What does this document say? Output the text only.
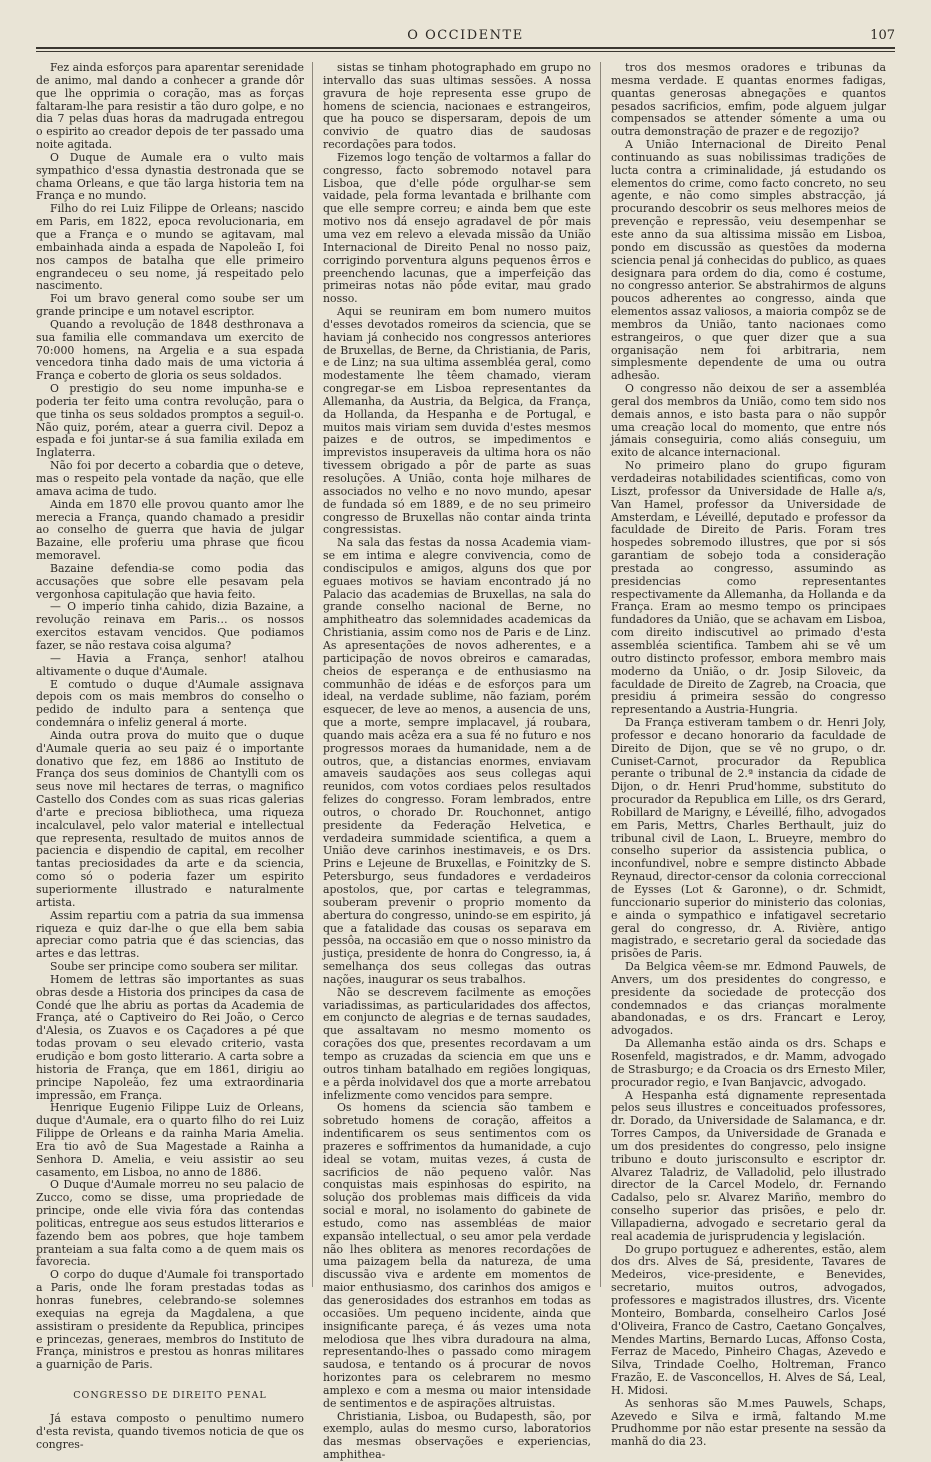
O OCCIDENTE	107

Fez ainda esforços para aparentar serenidade de animo, mal dando a conhecer a grande dôr que lhe opprimia o coração, mas as forças faltaram-lhe para resistir a tão duro golpe, e no dia 7 pelas duas horas da madrugada entregou o espirito ao creador depois de ter passado uma noite agitada.

O Duque de Aumale era o vulto mais sympathico d'essa dynastia destronada que se chama Orleans, e que tão larga historia tem na França e no mundo.

Filho do rei Luiz Filippe de Orleans; nascido em Paris, em 1822, epoca revolucionaria, em que a França e o mundo se agitavam, mal embainhada ainda a espada de Napoleão I, foi nos campos de batalha que elle primeiro engrandeceu o seu nome, já respeitado pelo nascimento.

Foi um bravo general como soube ser um grande principe e um notavel escriptor.

Quando a revolução de 1848 desthronava a sua familia elle commandava um exercito de 70:000 homens, na Argelia e a sua espada vencedora tinha dado mais de uma victoria á França e coberto de gloria os seus soldados.

O prestigio do seu nome impunha-se e poderia ter feito uma contra revolução, para o que tinha os seus soldados promptos a seguil-o. Não quiz, porém, atear a guerra civil. Depoz a espada e foi juntar-se á sua familia exilada em Inglaterra.

Não foi por decerto a cobardia que o deteve, mas o respeito pela vontade da nação, que elle amava acima de tudo.

Ainda em 1870 elle provou quanto amor lhe merecia a França, quando chamado a presidir ao conselho de guerra que havia de julgar Bazaine, elle proferiu uma phrase que ficou memoravel.

Bazaine defendia-se como podia das accusações que sobre elle pesavam pela vergonhosa capitulação que havia feito.

— O imperio tinha cahido, dizia Bazaine, a revolução reinava em Paris… os nossos exercitos estavam vencidos. Que podiamos fazer, se não restava coisa alguma?

— Havia a França, senhor! atalhou altivamente o duque d'Aumale.

E comtudo o duque d'Aumale assignava depois com os mais membros do conselho o pedido de indulto para a sentença que condemnára o infeliz general á morte.

Ainda outra prova do muito que o duque d'Aumale queria ao seu paiz é o importante donativo que fez, em 1886 ao Instituto de França dos seus dominios de Chantylli com os seus nove mil hectares de terras, o magnifico Castello dos Condes com as suas ricas galerias d'arte e preciosa bibliotheca, uma riqueza incalculavel, pelo valor material e intellectual que representa, resultado de muitos annos de paciencia e dispendio de capital, em recolher tantas preciosidades da arte e da sciencia, como só o poderia fazer um espirito superiormente illustrado e naturalmente artista.

Assim repartiu com a patria da sua immensa riqueza e quiz dar-lhe o que ella bem sabia apreciar como patria que é das sciencias, das artes e das lettras.

Soube ser principe como soubera ser militar.

Homem de lettras são importantes as suas obras desde a Historia dos principes da casa de Condé que lhe abriu as portas da Academia de França, até o Captiveiro do Rei João, o Cerco d'Alesia, os Zuavos e os Caçadores a pé que todas provam o seu elevado criterio, vasta erudição e bom gosto litterario. A carta sobre a historia de França, que em 1861, dirigiu ao principe Napoleão, fez uma extraordinaria impressão, em França.

Henrique Eugenio Filippe Luiz de Orleans, duque d'Aumale, era o quarto filho do rei Luiz Filippe de Orleans e da rainha Maria Amelia. Era tio avô de Sua Magestade a Rainha a Senhora D. Amelia, e veiu assistir ao seu casamento, em Lisboa, no anno de 1886.

O Duque d'Aumale morreu no seu palacio de Zucco, como se disse, uma propriedade de principe, onde elle vivia fóra das contendas politicas, entregue aos seus estudos litterarios e fazendo bem aos pobres, que hoje tambem pranteiam a sua falta como a de quem mais os favorecia.

O corpo do duque d'Aumale foi transportado a Paris, onde lhe foram prestadas todas as honras funebres, celebrando-se solemnes exequias na egreja da Magdalena, a que assistiram o presidente da Republica, principes e princezas, generaes, membros do Instituto de França, ministros e prestou as honras militares a guarnição de Paris.

CONGRESSO DE DIREITO PENAL

Já estava composto o penultimo numero d'esta revista, quando tivemos noticia de que os congres-

sistas se tinham photographado em grupo no intervallo das suas ultimas sessões. A nossa gravura de hoje representa esse grupo de homens de sciencia, nacionaes e estrangeiros, que ha pouco se dispersaram, depois de um convivio de quatro dias de saudosas recordações para todos.

Fizemos logo tenção de voltarmos a fallar do congresso, facto sobremodo notavel para Lisboa, que d'elle póde orgulhar-se sem vaidade, pela forma levantada e brilhante com que elle sempre correu; e ainda bem que este motivo nos dá ensejo agradavel de pôr mais uma vez em relevo a elevada missão da União Internacional de Direito Penal no nosso paiz, corrigindo porventura alguns pequenos êrros e preenchendo lacunas, que a imperfeição das primeiras notas não pôde evitar, mau grado nosso.

Aqui se reuniram em bom numero muitos d'esses devotados romeiros da sciencia, que se haviam já conhecido nos congressos anteriores de Bruxellas, de Berne, da Christiania, de Paris, e de Linz; na sua ultima assembléa geral, como modestamente lhe têem chamado, vieram congregar-se em Lisboa representantes da Allemanha, da Austria, da Belgica, da França, da Hollanda, da Hespanha e de Portugal, e muitos mais viriam sem duvida d'estes mesmos paizes e de outros, se impedimentos e imprevistos insuperaveis da ultima hora os não tivessem obrigado a pôr de parte as suas resoluções. A União, conta hoje milhares de associados no velho e no novo mundo, apesar de fundada só em 1889, e de no seu primeiro congresso de Bruxellas não contar ainda trinta congressistas.

Na sala das festas da nossa Academia viam-se em intima e alegre convivencia, como de condiscipulos e amigos, alguns dos que por eguaes motivos se haviam encontrado já no Palacio das academias de Bruxellas, na sala do grande conselho nacional de Berne, no amphitheatro das solemnidades academicas da Christiania, assim como nos de Paris e de Linz. As apresentações de novos adherentes, e a participação de novos obreiros e camaradas, cheios de esperança e de enthusiasmo na communhão de idéas e de esforços para um ideal, na verdade sublime, não faziam, porém esquecer, de leve ao menos, a ausencia de uns, que a morte, sempre implacavel, já roubara, quando mais acêza era a sua fé no futuro e nos progressos moraes da humanidade, nem a de outros, que, a distancias enormes, enviavam amaveis saudações aos seus collegas aqui reunidos, com votos cordiaes pelos resultados felizes do congresso. Foram lembrados, entre outros, o chorado Dr. Rouchonnet, antigo presidente da Federação Helvetica, e verdadeira summidade scientifica, a quem a União deve carinhos inestimaveis, e os Drs. Prins e Lejeune de Bruxellas, e Foinitzky de S. Petersburgo, seus fundadores e verdadeiros apostolos, que, por cartas e telegrammas, souberam prevenir o proprio momento da abertura do congresso, unindo-se em espirito, já que a fatalidade das cousas os separava em pessôa, na occasião em que o nosso ministro da justiça, presidente de honra do Congresso, ia, á semelhança dos seus collegas das outras nações, inaugurar os seus trabalhos.

Não se descrevem facilmente as emoções variadissimas, as particularidades dos affectos, em conjuncto de alegrias e de ternas saudades, que assaltavam no mesmo momento os corações dos que, presentes recordavam a um tempo as cruzadas da sciencia em que uns e outros tinham batalhado em regiões longiquas, e a pêrda inolvidavel dos que a morte arrebatou infelizmente como vencidos para sempre.

Os homens da sciencia são tambem e sobretudo homens de coração, affeitos a indentificarem os seus sentimentos com os prazeres e soffrimentos da humanidade, a cujo ideal se votam, muitas vezes, á custa de sacrificios de não pequeno valôr. Nas conquistas mais espinhosas do espirito, na solução dos problemas mais difficeis da vida social e moral, no isolamento do gabinete de estudo, como nas assembléas de maior expansão intellectual, o seu amor pela verdade não lhes oblitera as menores recordações de uma paizagem bella da natureza, de uma discussão viva e ardente em momentos de maior enthusiasmo, dos carinhos dos amigos e das generosidades dos estranhos em todas as occasiões. Um pequeno incidente, ainda que insignificante pareça, é ás vezes uma nota melodiosa que lhes vibra duradoura na alma, representando-lhes o passado como miragem saudosa, e tentando os á procurar de novos horizontes para os celebrarem no mesmo amplexo e com a mesma ou maior intensidade de sentimentos e de aspirações altruistas.

Christiania, Lisboa, ou Budapesth, são, por exemplo, aulas do mesmo curso, laboratorios das mesmas observações e experiencias, amphithea-

tros dos mesmos oradores e tribunas da mesma verdade. E quantas enormes fadigas, quantas generosas abnegações e quantos pesados sacrificios, emfim, pode alguem julgar compensados se attender sómente a uma ou outra demonstração de prazer e de regozijo?

A União Internacional de Direito Penal continuando as suas nobilissimas tradições de lucta contra a criminalidade, já estudando os elementos do crime, como facto concreto, no seu agente, e não como simples abstracção, já procurando descobrir os seus melhores meios de prevenção e repressão, veiu desempenhar se este anno da sua altissima missão em Lisboa, pondo em discussão as questões da moderna sciencia penal já conhecidas do publico, as quaes designara para ordem do dia, como é costume, no congresso anterior. Se abstrahirmos de alguns poucos adherentes ao congresso, ainda que elementos assaz valiosos, a maioria compôz se de membros da União, tanto nacionaes como estrangeiros, o que quer dizer que a sua organisação nem foi arbitraria, nem simplesmente dependente de uma ou outra adhesão.

O congresso não deixou de ser a assembléa geral dos membros da União, como tem sido nos demais annos, e isto basta para o não suppôr uma creação local do momento, que entre nós jámais conseguiria, como aliás conseguiu, um exito de alcance internacional.

No primeiro plano do grupo figuram verdadeiras notabilidades scientificas, como von Liszt, professor da Universidade de Halle a/s, Van Hamel, professor da Universidade de Amsterdam, e Léveillé, deputado e professor da faculdade de Direito de Paris. Foram tres hospedes sobremodo illustres, que por si sós garantiam de sobejo toda a consideração prestada ao congresso, assumindo as presidencias como representantes respectivamente da Allemanha, da Hollanda e da França. Eram ao mesmo tempo os principaes fundadores da União, que se achavam em Lisboa, com direito indiscutivel ao primado d'esta assembléa scientifica. Tambem ahi se vê um outro distincto professor, embora membro mais moderno da União, o dr. Josip Siloveic, da faculdade de Direito de Zagreb, na Croacia, que presidiu á primeira sessão do congresso representando a Austria-Hungria.

Da França estiveram tambem o dr. Henri Joly, professor e decano honorario da faculdade de Direito de Dijon, que se vê no grupo, o dr. Cuniset-Carnot, procurador da Republica perante o tribunal de 2.ª instancia da cidade de Dijon, o dr. Henri Prud'homme, substituto do procurador da Republica em Lille, os drs Gerard, Robillard de Marigny, e Léveillé, filho, advogados em Paris, Mettrs, Charles Berthault, juiz do tribunal civil de Laon, L. Brueyre, membro do conselho superior da assistencia publica, o inconfundivel, nobre e sempre distincto Abbade Reynaud, director-censor da colonia correccional de Eysses (Lot & Garonne), o dr. Schmidt, funccionario superior do ministerio das colonias, e ainda o sympathico e infatigavel secretario geral do congresso, dr. A. Rivière, antigo magistrado, e secretario geral da sociedade das prisões de Paris.

Da Belgica vêem-se mr. Edmond Pauwels, de Anvers, um dos presidentes do congresso, e presidente da sociedade de protecção dos condemnados e das crianças moralmente abandonadas, e os drs. Francart e Leroy, advogados.

Da Allemanha estão ainda os drs. Schaps e Rosenfeld, magistrados, e dr. Mamm, advogado de Strasburgo; e da Croacia os drs Ernesto Miler, procurador regio, e Ivan Banjavcic, advogado.

A Hespanha está dignamente representada pelos seus illustres e conceituados professores, dr. Dorado, da Universidade de Salamanca, e dr. Torres Campos, da Universidade de Granada e um dos presidentes do congresso, pelo insigne tribuno e douto jurisconsulto e escriptor dr. Alvarez Taladriz, de Valladolid, pelo illustrado director de la Carcel Modelo, dr. Fernando Cadalso, pelo sr. Alvarez Mariño, membro do conselho superior das prisões, e pelo dr. Villapadierna, advogado e secretario geral da real academia de jurisprudencia y legislación.

Do grupo portuguez e adherentes, estão, alem dos drs. Alves de Sá, presidente, Tavares de Medeiros, vice-presidente, e Benevides, secretario, muitos outros, advogados, professores e magistrados illustres, drs. Vicente Monteiro, Bombarda, conselheiro Carlos José d'Oliveira, Franco de Castro, Caetano Gonçalves, Mendes Martins, Bernardo Lucas, Affonso Costa, Ferraz de Macedo, Pinheiro Chagas, Azevedo e Silva, Trindade Coelho, Holtreman, Franco Frazão, E. de Vasconcellos, H. Alves de Sá, Leal, H. Midosi.

As senhoras são M.mes Pauwels, Schaps, Azevedo e Silva e irmã, faltando M.me Prudhomme por não estar presente na sessão da manhã do dia 23.
